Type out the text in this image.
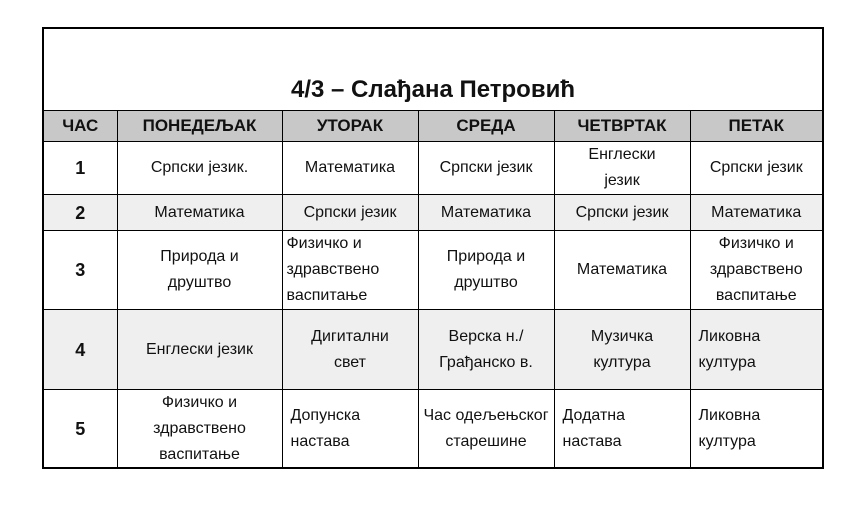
4/3 – Слађана Петровић
ЧАС	ПОНЕДЕЉАК	УТОРАК	СРЕДА	ЧЕТВРТАК	ПЕТАК
1	Српски језик.	Математика	Српски језик	Енглески језик	Српски језик
2	Математика	Српски језик	Математика	Српски језик	Математика
3	Природа и друштво	Физичко и здравствено васпитање	Природа и друштво	Математика	Физичко и здравствено васпитање
4	Енглески језик	Дигитални свет	Верска н./Грађанско в.	Музичка култура	Ликовна култура
5	Физичко и здравствено васпитање	Допунска настава	Час одељењског старешине	Додатна настава	Ликовна култура
